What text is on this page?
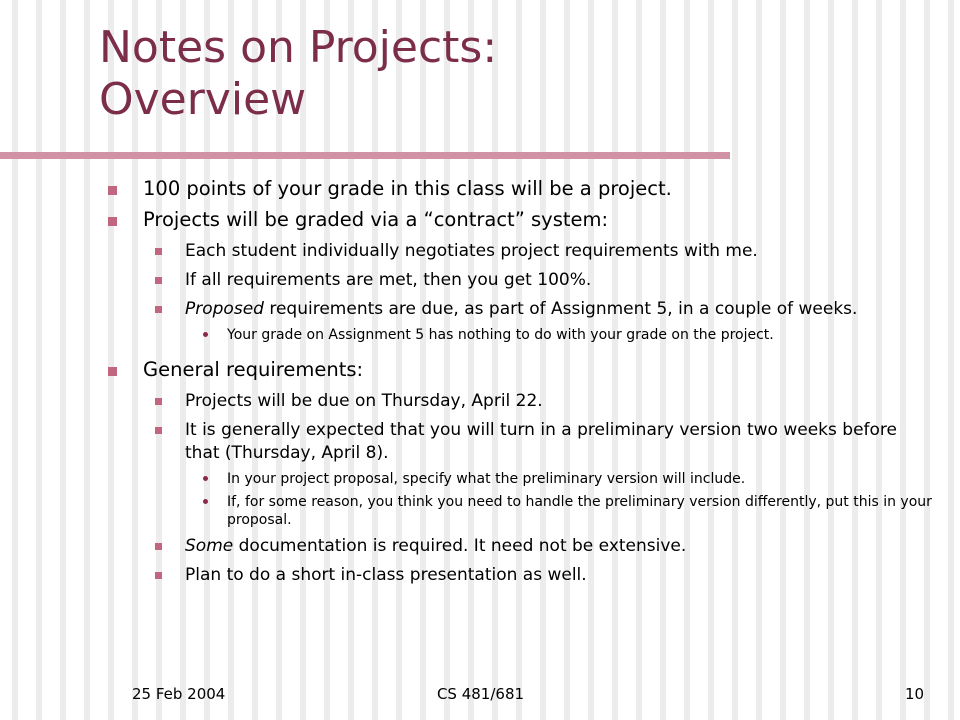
Notes on Projects:
Overview
100 points of your grade in this class will be a project.
Projects will be graded via a “contract” system:
Each student individually negotiates project requirements with me.
If all requirements are met, then you get 100%.
Proposed requirements are due, as part of Assignment 5, in a couple of weeks.
Your grade on Assignment 5 has nothing to do with your grade on the project.
General requirements:
Projects will be due on Thursday, April 22.
It is generally expected that you will turn in a preliminary version two weeks before that (Thursday, April 8).
In your project proposal, specify what the preliminary version will include.
If, for some reason, you think you need to handle the preliminary version differently, put this in your proposal.
Some documentation is required. It need not be extensive.
Plan to do a short in-class presentation as well.
25 Feb 2004	CS 481/681	10
